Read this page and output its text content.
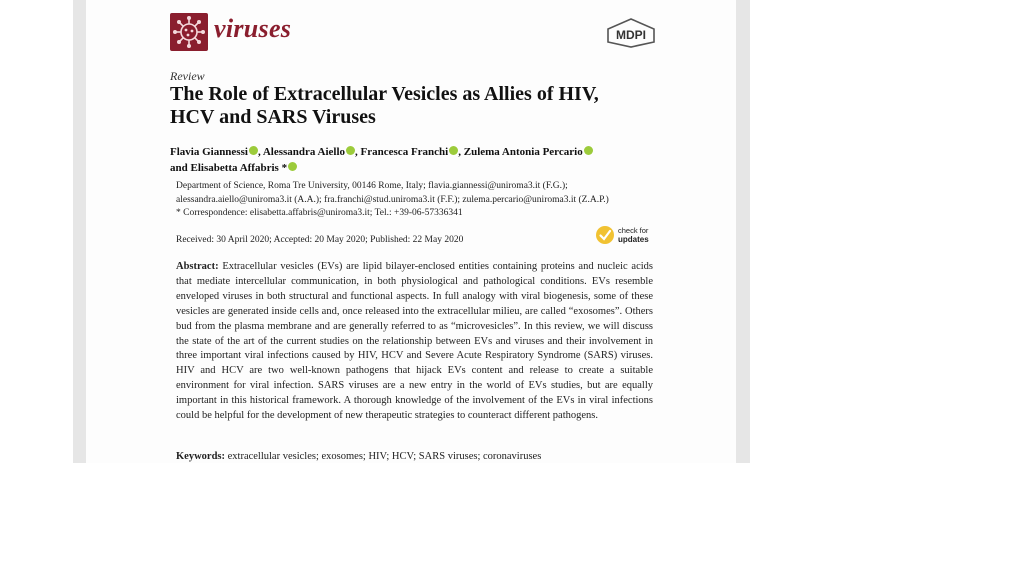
viruses	MDPI
Review
The Role of Extracellular Vesicles as Allies of HIV,
HCV and SARS Viruses
Flavia Giannessi , Alessandra Aiello , Francesca Franchi , Zulema Antonia Percario
and Elisabetta Affabris *
Department of Science, Roma Tre University, 00146 Rome, Italy; flavia.giannessi@uniroma3.it (F.G.);
alessandra.aiello@uniroma3.it (A.A.); fra.franchi@stud.uniroma3.it (F.F.); zulema.percario@uniroma3.it (Z.A.P.)
* Correspondence: elisabetta.affabris@uniroma3.it; Tel.: +39-06-57336341
Received: 30 April 2020; Accepted: 20 May 2020; Published: 22 May 2020
check for
updates
Abstract: Extracellular vesicles (EVs) are lipid bilayer-enclosed entities containing proteins and nucleic acids that mediate intercellular communication, in both physiological and pathological conditions. EVs resemble enveloped viruses in both structural and functional aspects. In full analogy with viral biogenesis, some of these vesicles are generated inside cells and, once released into the extracellular milieu, are called “exosomes”. Others bud from the plasma membrane and are generally referred to as “microvesicles”. In this review, we will discuss the state of the art of the current studies on the relationship between EVs and viruses and their involvement in three important viral infections caused by HIV, HCV and Severe Acute Respiratory Syndrome (SARS) viruses. HIV and HCV are two well-known pathogens that hijack EVs content and release to create a suitable environment for viral infection. SARS viruses are a new entry in the world of EVs studies, but are equally important in this historical framework. A thorough knowledge of the involvement of the EVs in viral infections could be helpful for the development of new therapeutic strategies to counteract different pathogens.
Keywords: extracellular vesicles; exosomes; HIV; HCV; SARS viruses; coronaviruses
